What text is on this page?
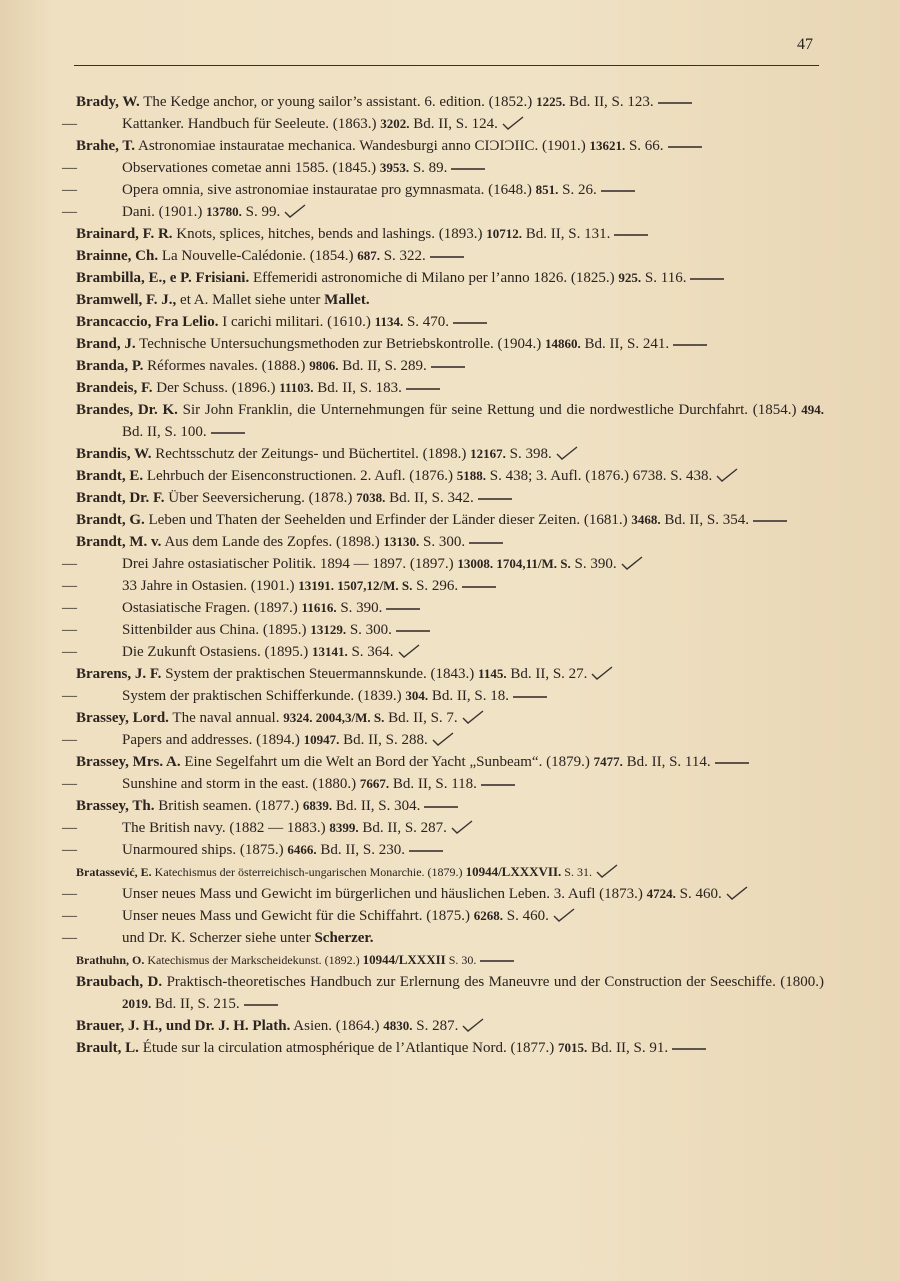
47
Brady, W. The Kedge anchor, or young sailor’s assistant. 6. edition. (1852.) 1225. Bd. II, S. 123.
—	Kattanker. Handbuch für Seeleute. (1863.) 3202. Bd. II, S. 124.
Brahe, T. Astronomiae instauratae mechanica. Wandesburgi anno CIƆIƆIIC. (1901.) 13621. S. 66.
—	Observationes cometae anni 1585. (1845.) 3953. S. 89.
—	Opera omnia, sive astronomiae instauratae pro gymnasmata. (1648.) 851. S. 26.
—	Dani. (1901.) 13780. S. 99.
Brainard, F. R. Knots, splices, hitches, bends and lashings. (1893.) 10712. Bd. II, S. 131.
Brainne, Ch. La Nouvelle-Calédonie. (1854.) 687. S. 322.
Brambilla, E., e P. Frisiani. Effemeridi astronomiche di Milano per l’anno 1826. (1825.) 925. S. 116.
Bramwell, F. J., et A. Mallet siehe unter Mallet.
Brancaccio, Fra Lelio. I carichi militari. (1610.) 1134. S. 470.
Brand, J. Technische Untersuchungsmethoden zur Betriebskontrolle. (1904.) 14860. Bd. II, S. 241.
Branda, P. Réformes navales. (1888.) 9806. Bd. II, S. 289.
Brandeis, F. Der Schuss. (1896.) 11103. Bd. II, S. 183.
Brandes, Dr. K. Sir John Franklin, die Unternehmungen für seine Rettung und die nordwestliche Durchfahrt. (1854.) 494. Bd. II, S. 100.
Brandis, W. Rechtsschutz der Zeitungs- und Büchertitel. (1898.) 12167. S. 398.
Brandt, E. Lehrbuch der Eisenconstructionen. 2. Aufl. (1876.) 5188. S. 438; 3. Aufl. (1876.) 6738. S. 438.
Brandt, Dr. F. Über Seeversicherung. (1878.) 7038. Bd. II, S. 342.
Brandt, G. Leben und Thaten der Seehelden und Erfinder der Länder dieser Zeiten. (1681.) 3468. Bd. II, S. 354.
Brandt, M. v. Aus dem Lande des Zopfes. (1898.) 13130. S. 300.
—	Drei Jahre ostasiatischer Politik. 1894 — 1897. (1897.) 13008. 1704,11/M. S. S. 390.
—	33 Jahre in Ostasien. (1901.) 13191. 1507,12/M. S. S. 296.
—	Ostasiatische Fragen. (1897.) 11616. S. 390.
—	Sittenbilder aus China. (1895.) 13129. S. 300.
—	Die Zukunft Ostasiens. (1895.) 13141. S. 364.
Brarens, J. F. System der praktischen Steuermannskunde. (1843.) 1145. Bd. II, S. 27.
—	System der praktischen Schifferkunde. (1839.) 304. Bd. II, S. 18.
Brassey, Lord. The naval annual. 9324. 2004,3/M. S. Bd. II, S. 7.
—	Papers and addresses. (1894.) 10947. Bd. II, S. 288.
Brassey, Mrs. A. Eine Segelfahrt um die Welt an Bord der Yacht „Sunbeam“. (1879.) 7477. Bd. II, S. 114.
—	Sunshine and storm in the east. (1880.) 7667. Bd. II, S. 118.
Brassey, Th. British seamen. (1877.) 6839. Bd. II, S. 304.
—	The British navy. (1882 — 1883.) 8399. Bd. II, S. 287.
—	Unarmoured ships. (1875.) 6466. Bd. II, S. 230.
Bratassević, E. Katechismus der österreichisch-ungarischen Monarchie. (1879.) 10944/LXXXVII. S. 31.
—	Unser neues Mass und Gewicht im bürgerlichen und häuslichen Leben. 3. Aufl (1873.) 4724. S. 460.
—	Unser neues Mass und Gewicht für die Schiffahrt. (1875.) 6268. S. 460.
—	und Dr. K. Scherzer siehe unter Scherzer.
Brathuhn, O. Katechismus der Markscheidekunst. (1892.) 10944/LXXXII S. 30.
Braubach, D. Praktisch-theoretisches Handbuch zur Erlernung des Maneuvre und der Construction der Seeschiffe. (1800.) 2019. Bd. II, S. 215.
Brauer, J. H., und Dr. J. H. Plath. Asien. (1864.) 4830. S. 287.
Brault, L. Étude sur la circulation atmosphérique de l’Atlantique Nord. (1877.) 7015. Bd. II, S. 91.
